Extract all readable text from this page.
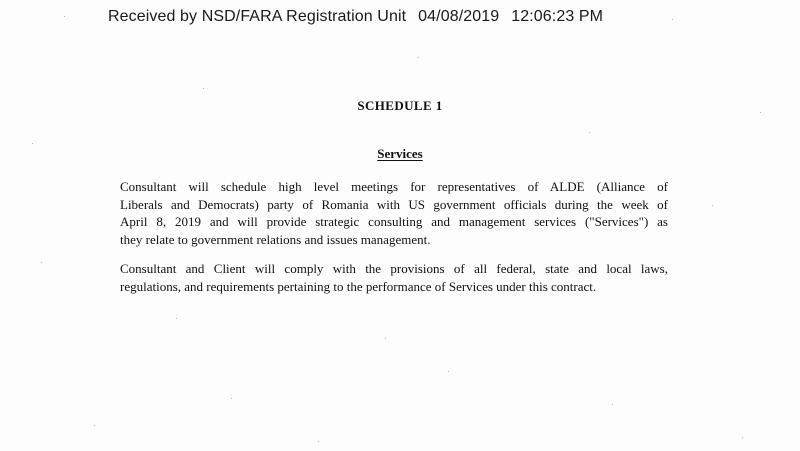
Received by NSD/FARA Registration Unit 04/08/2019 12:06:23 PM
SCHEDULE 1
Services

Consultant will schedule high level meetings for representatives of ALDE (Alliance of
Liberals and Democrats) party of Romania with US government officials during the week of
April 8, 2019 and will provide strategic consulting and management services ("Services") as
they relate to government relations and issues management.

Consultant and Client will comply with the provisions of all federal, state and local laws,
regulations, and requirements pertaining to the performance of Services under this contract.
